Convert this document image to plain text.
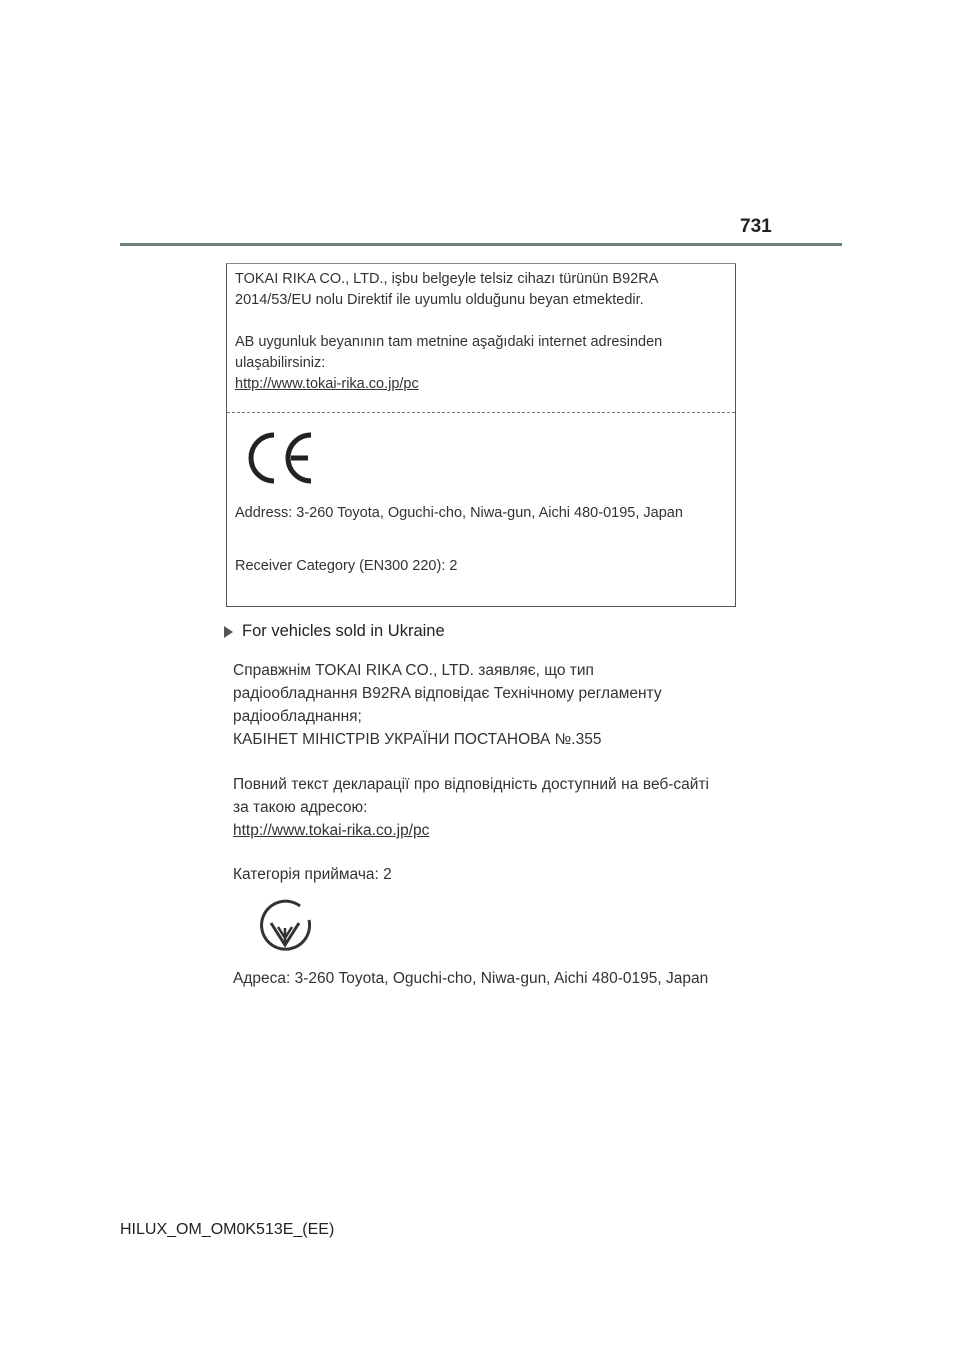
731

TOKAI RIKA CO., LTD., işbu belgeyle telsiz cihazı türünün B92RA 2014/53/EU nolu Direktif ile uyumlu olduğunu beyan etmektedir.

AB uygunluk beyanının tam metnine aşağıdaki internet adresinden ulaşabilirsiniz:

http://www.tokai-rika.co.jp/pc

Address: 3-260 Toyota, Oguchi-cho, Niwa-gun, Aichi 480-0195, Japan

Receiver Category (EN300 220): 2

For vehicles sold in Ukraine

Справжнім TOKAI RIKA CO., LTD. заявляє, що тип

радіообладнання B92RA відповідає Технічному регламенту

радіообладнання;

КАБІНЕТ МІНІСТРІВ УКРАЇНИ ПОСТАНОВА №.355

Повний текст декларації про відповідність доступний на веб-сайті за такою адресою:

http://www.tokai-rika.co.jp/pc

Категорія приймача: 2

Адреса: 3-260 Toyota, Oguchi-cho, Niwa-gun, Aichi 480-0195, Japan

HILUX_OM_OM0K513E_(EE)
